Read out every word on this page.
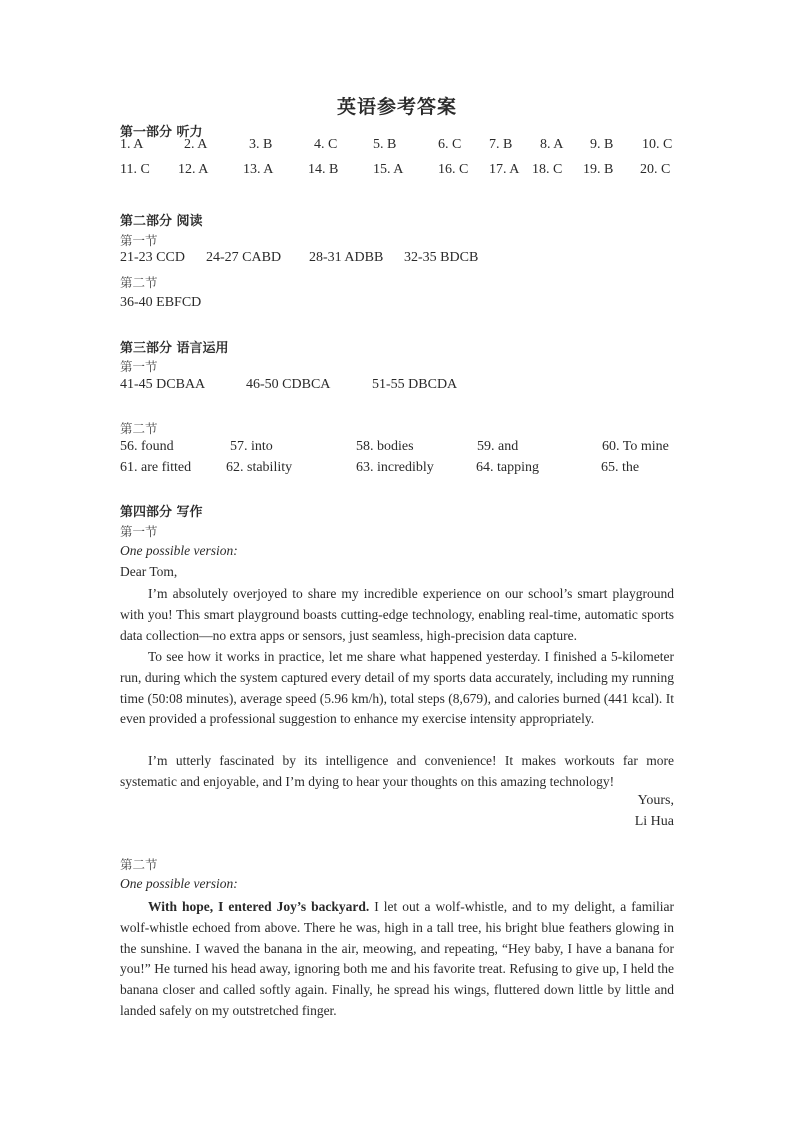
英语参考答案
第一部分 听力
1. A	2. A	3. B	4. C	5. B	6. C 7. B 8. A 9. B 10. C
11. C 12. A 13. A 14. B 15. A 16. C 17. A 18. C 19. B 20. C
第二部分 阅读
第一节
21-23 CCD 24-27 CABD 28-31 ADBB 32-35 BDCB
第二节
36-40 EBFCD
第三部分 语言运用
第一节
41-45 DCBAA	46-50 CDBCA	51-55 DBCDA
第二节
56. found	57. into	58. bodies	59. and	60. To mine
61. are fitted 62. stability	63. incredibly	64. tapping	65. the
第四部分 写作
第一节
One possible version:
Dear Tom,
I’m absolutely overjoyed to share my incredible experience on our school’s smart playground with you! This smart playground boasts cutting-edge technology, enabling real-time, automatic sports data collection—no extra apps or sensors, just seamless, high-precision data capture.
To see how it works in practice, let me share what happened yesterday. I finished a 5-kilometer run, during which the system captured every detail of my sports data accurately, including my running time (50:08 minutes), average speed (5.96 km/h), total steps (8,679), and calories burned (441 kcal). It even provided a professional suggestion to enhance my exercise intensity appropriately.
I’m utterly fascinated by its intelligence and convenience! It makes workouts far more systematic and enjoyable, and I’m dying to hear your thoughts on this amazing technology!
Yours,
Li Hua
第二节
One possible version:
With hope, I entered Joy’s backyard. I let out a wolf-whistle, and to my delight, a familiar wolf-whistle echoed from above. There he was, high in a tall tree, his bright blue feathers glowing in the sunshine. I waved the banana in the air, meowing, and repeating, “Hey baby, I have a banana for you!” He turned his head away, ignoring both me and his favorite treat. Refusing to give up, I held the banana closer and called softly again. Finally, he spread his wings, fluttered down little by little and landed safely on my outstretched finger.
